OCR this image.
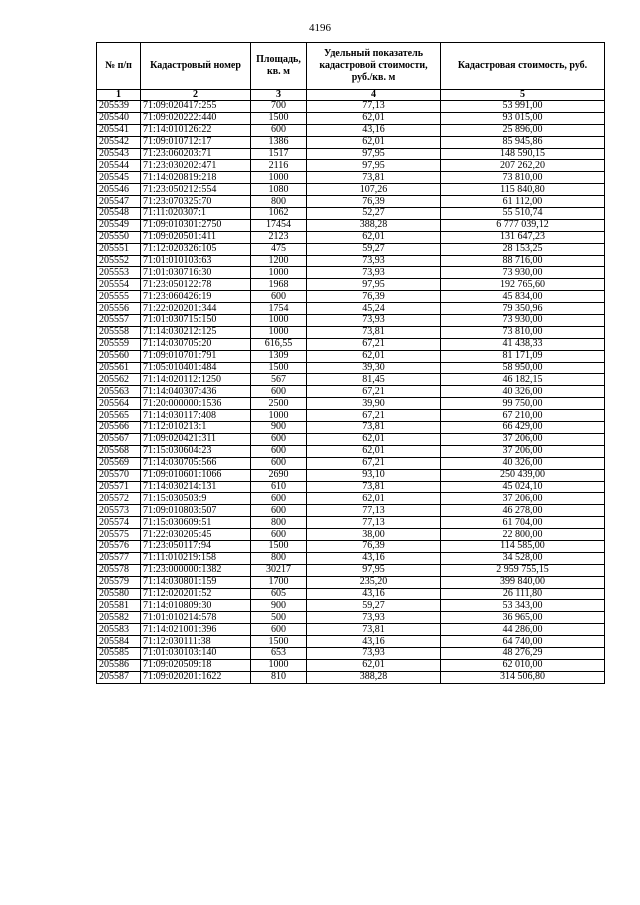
4196
№ п/п	Кадастровый номер	Площадь, кв. м	Удельный показатель кадастровой стоимости, руб./кв. м	Кадастровая стоимость, руб.
1	2	3	4	5
205539	71:09:020417:255	700	77,13	53 991,00
205540	71:09:020222:440	1500	62,01	93 015,00
205541	71:14:010126:22	600	43,16	25 896,00
205542	71:09:010712:17	1386	62,01	85 945,86
205543	71:23:060203:71	1517	97,95	148 590,15
205544	71:23:030202:471	2116	97,95	207 262,20
205545	71:14:020819:218	1000	73,81	73 810,00
205546	71:23:050212:554	1080	107,26	115 840,80
205547	71:23:070325:70	800	76,39	61 112,00
205548	71:11:020307:1	1062	52,27	55 510,74
205549	71:09:010301:2750	17454	388,28	6 777 039,12
205550	71:09:020501:411	2123	62,01	131 647,23
205551	71:12:020326:105	475	59,27	28 153,25
205552	71:01:010103:63	1200	73,93	88 716,00
205553	71:01:030716:30	1000	73,93	73 930,00
205554	71:23:050122:78	1968	97,95	192 765,60
205555	71:23:060426:19	600	76,39	45 834,00
205556	71:22:020201:344	1754	45,24	79 350,96
205557	71:01:030715:150	1000	73,93	73 930,00
205558	71:14:030212:125	1000	73,81	73 810,00
205559	71:14:030705:20	616,55	67,21	41 438,33
205560	71:09:010701:791	1309	62,01	81 171,09
205561	71:05:010401:484	1500	39,30	58 950,00
205562	71:14:020112:1250	567	81,45	46 182,15
205563	71:14:040307:436	600	67,21	40 326,00
205564	71:20:000000:1536	2500	39,90	99 750,00
205565	71:14:030117:408	1000	67,21	67 210,00
205566	71:12:010213:1	900	73,81	66 429,00
205567	71:09:020421:311	600	62,01	37 206,00
205568	71:15:030604:23	600	62,01	37 206,00
205569	71:14:030705:566	600	67,21	40 326,00
205570	71:09:010601:1066	2690	93,10	250 439,00
205571	71:14:030214:131	610	73,81	45 024,10
205572	71:15:030503:9	600	62,01	37 206,00
205573	71:09:010803:507	600	77,13	46 278,00
205574	71:15:030609:51	800	77,13	61 704,00
205575	71:22:030205:45	600	38,00	22 800,00
205576	71:23:050117:94	1500	76,39	114 585,00
205577	71:11:010219:158	800	43,16	34 528,00
205578	71:23:000000:1382	30217	97,95	2 959 755,15
205579	71:14:030801:159	1700	235,20	399 840,00
205580	71:12:020201:52	605	43,16	26 111,80
205581	71:14:010809:30	900	59,27	53 343,00
205582	71:01:010214:578	500	73,93	36 965,00
205583	71:14:021001:396	600	73,81	44 286,00
205584	71:12:030111:38	1500	43,16	64 740,00
205585	71:01:030103:140	653	73,93	48 276,29
205586	71:09:020509:18	1000	62,01	62 010,00
205587	71:09:020201:1622	810	388,28	314 506,80
